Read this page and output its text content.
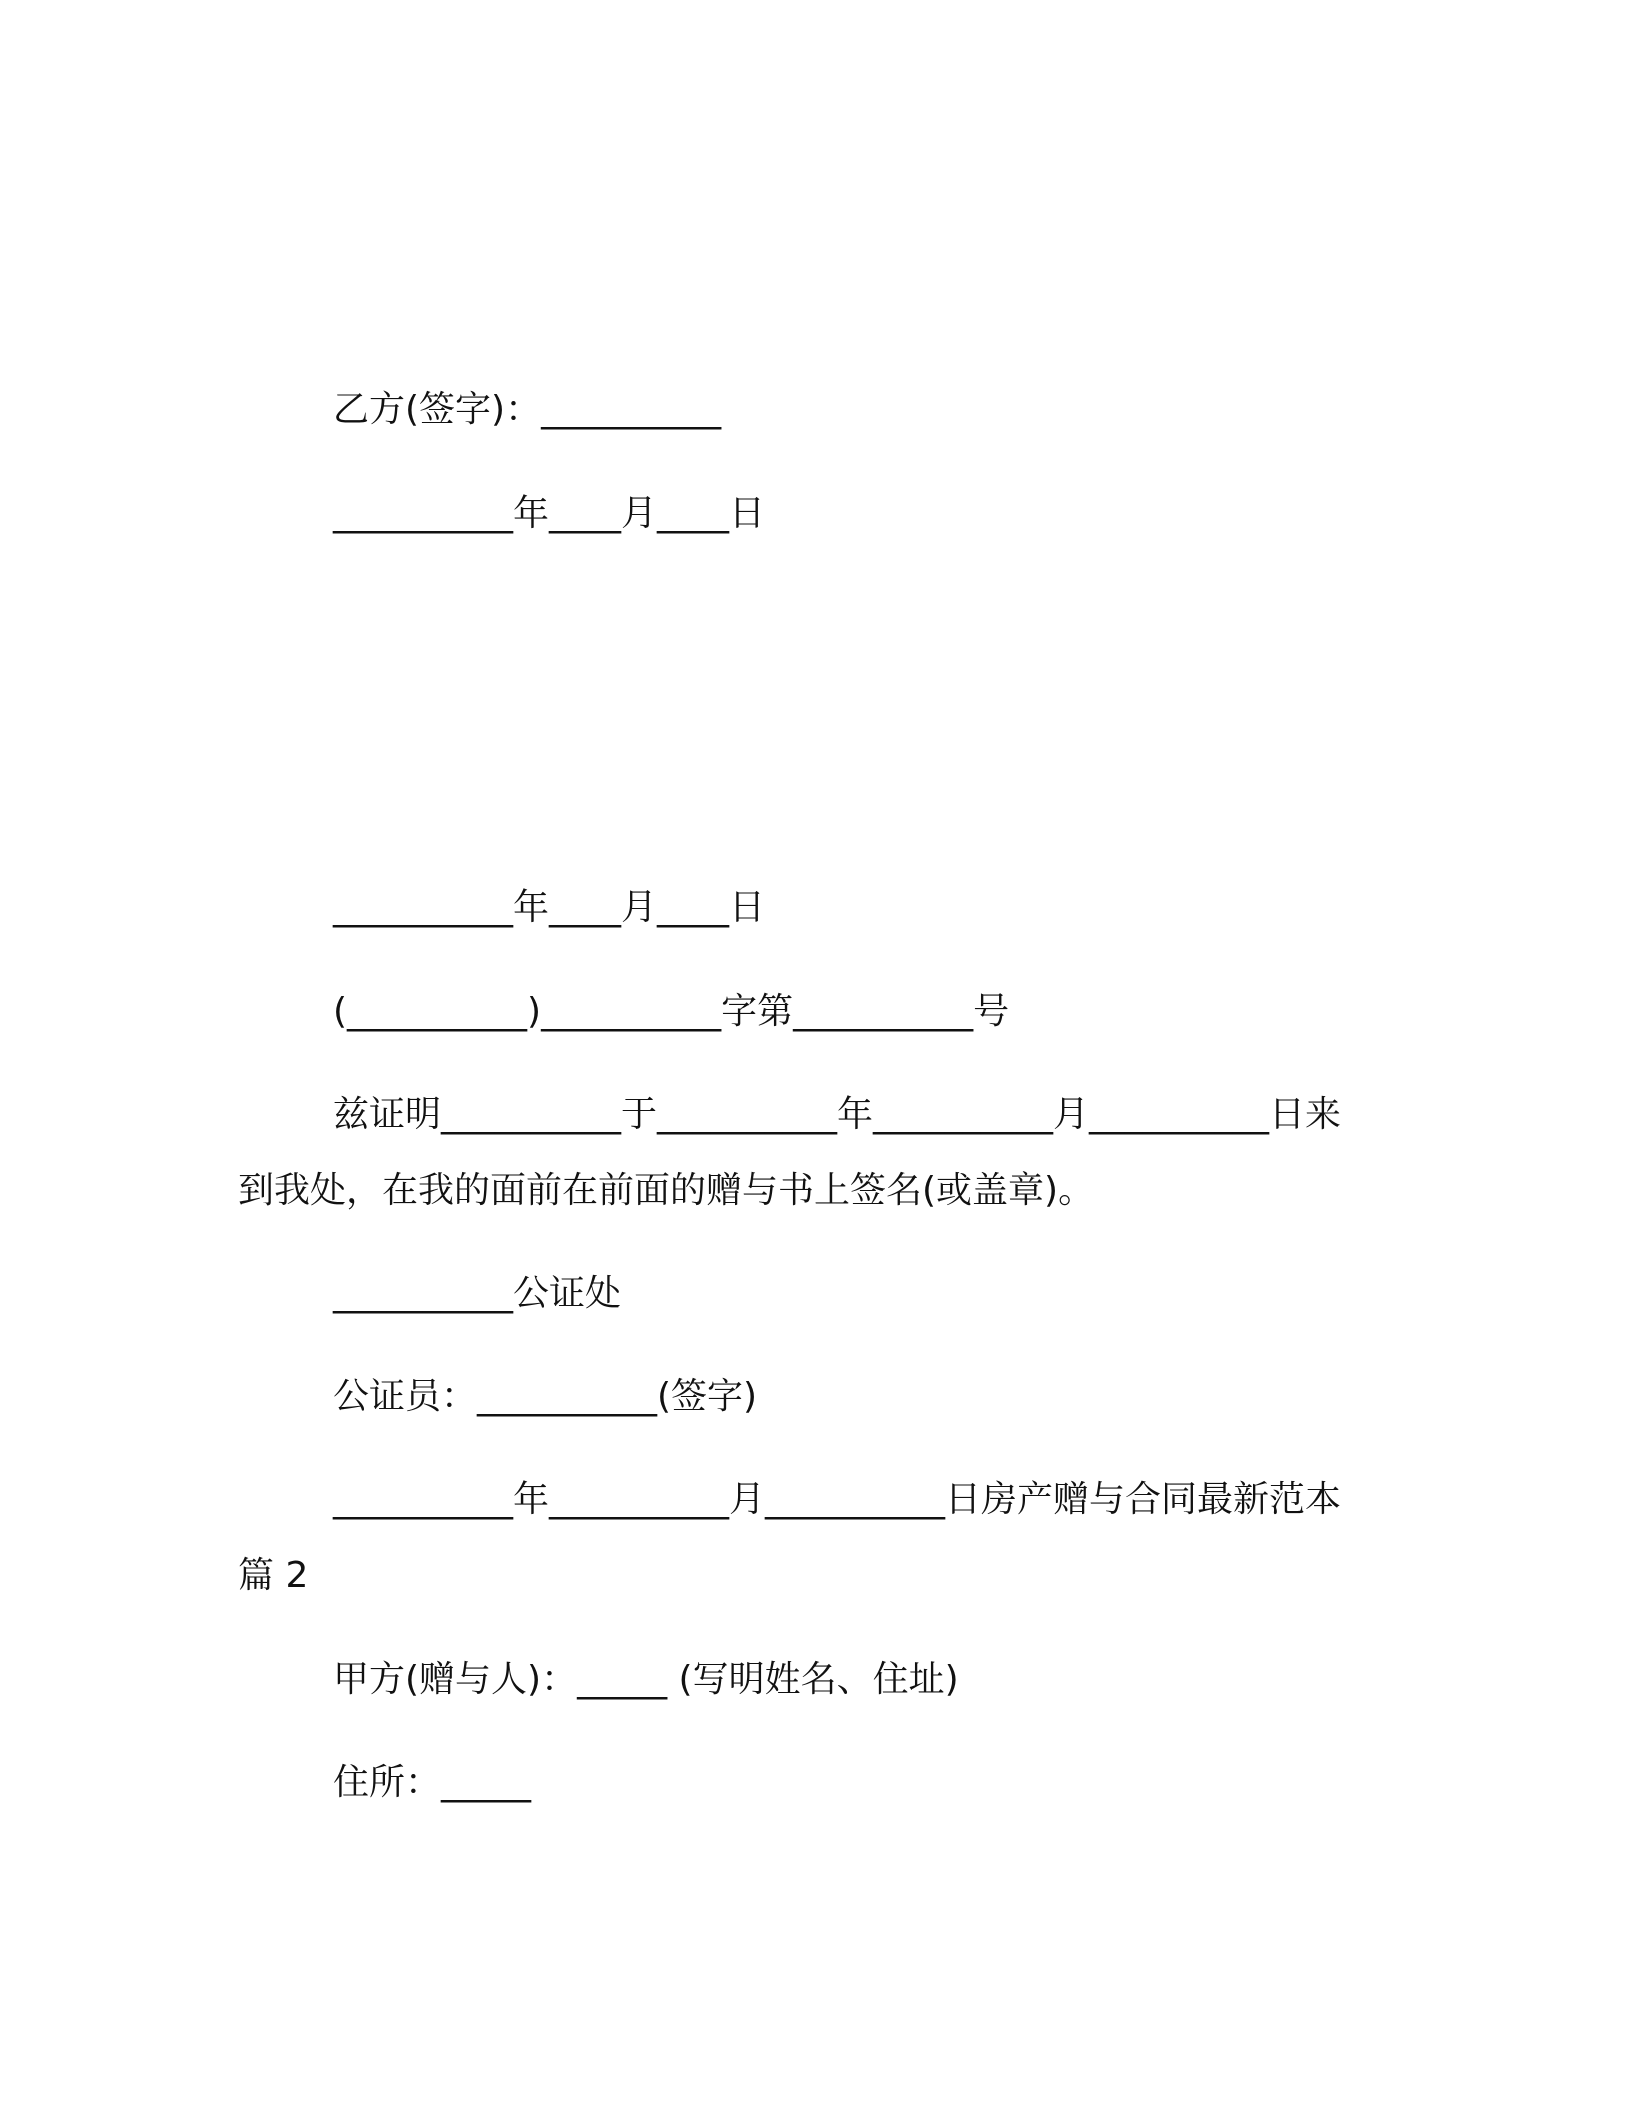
乙方(签字)：__________
__________年____月____日
__________年____月____日
(__________)__________字第__________号
兹证明__________于__________年__________月__________日来
到我处，在我的面前在前面的赠与书上签名(或盖章)。
__________公证处
公证员：__________(签字)
__________年__________月__________日房产赠与合同最新范本
篇 2
甲方(赠与人)：_____ (写明姓名、住址)
住所：_____
